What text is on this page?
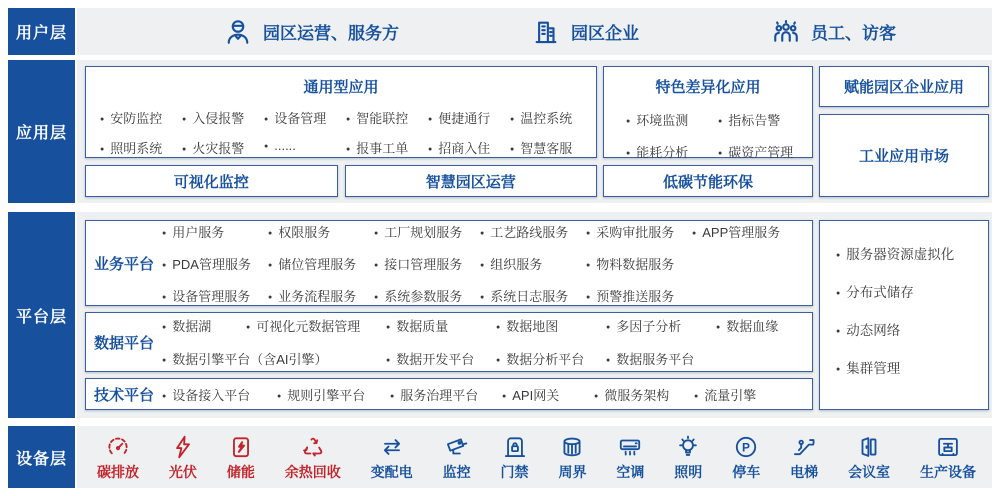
用户层	园区运营、服务方	园区企业	员工、访客
应用层
通用型应用
● 安防监控	● 入侵报警	● 设备管理	● 智能联控	● 便捷通行	● 温控系统
● 照明系统	● 火灾报警	● ......	● 报事工单	● 招商入住	● 智慧客服
可视化监控	智慧园区运营
特色差异化应用
● 环境监测	● 指标告警
● 能耗分析	● 碳资产管理
低碳节能环保
赋能园区企业应用
工业应用市场
平台层
业务平台
● 用户服务	● 权限服务	● 工厂规划服务	● 工艺路线服务	● 采购审批服务	● APP管理服务
● PDA管理服务	● 储位管理服务	● 接口管理服务	● 组织服务	● 物料数据服务
● 设备管理服务	● 业务流程服务	● 系统参数服务	● 系统日志服务	● 预警推送服务
数据平台
● 数据湖	● 可视化元数据管理	● 数据质量	● 数据地图	● 多因子分析	● 数据血缘
● 数据引擎平台（含AI引擎）	● 数据开发平台	● 数据分析平台	● 数据服务平台
技术平台	● 设备接入平台	● 规则引擎平台	● 服务治理平台	● API网关	● 微服务架构	● 流量引擎
● 服务器资源虚拟化
● 分布式储存
● 动态网络
● 集群管理
设备层
碳排放 光伏 储能 余热回收 变配电 监控 门禁 周界 空调 照明
P
停车 电梯 会议室 生产设备
